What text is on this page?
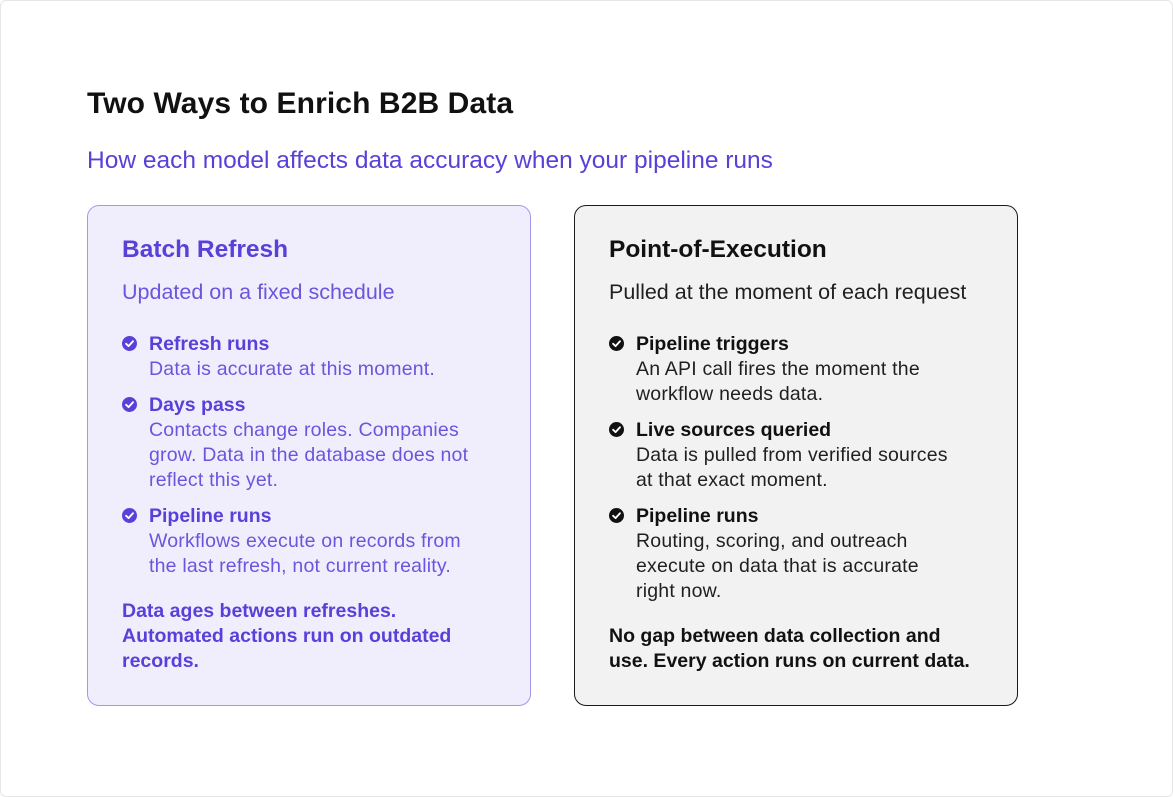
Two Ways to Enrich B2B Data

How each model affects data accuracy when your pipeline runs

Batch Refresh

Updated on a fixed schedule

Refresh runs
Data is accurate at this moment.
Days pass
Contacts change roles. Companies
grow. Data in the database does not
reflect this yet.
Pipeline runs
Workflows execute on records from
the last refresh, not current reality.

Data ages between refreshes.
Automated actions run on outdated
records.

Point-of-Execution

Pulled at the moment of each request

Pipeline triggers
An API call fires the moment the
workflow needs data.
Live sources queried
Data is pulled from verified sources
at that exact moment.
Pipeline runs
Routing, scoring, and outreach
execute on data that is accurate
right now.

No gap between data collection and
use. Every action runs on current data.
